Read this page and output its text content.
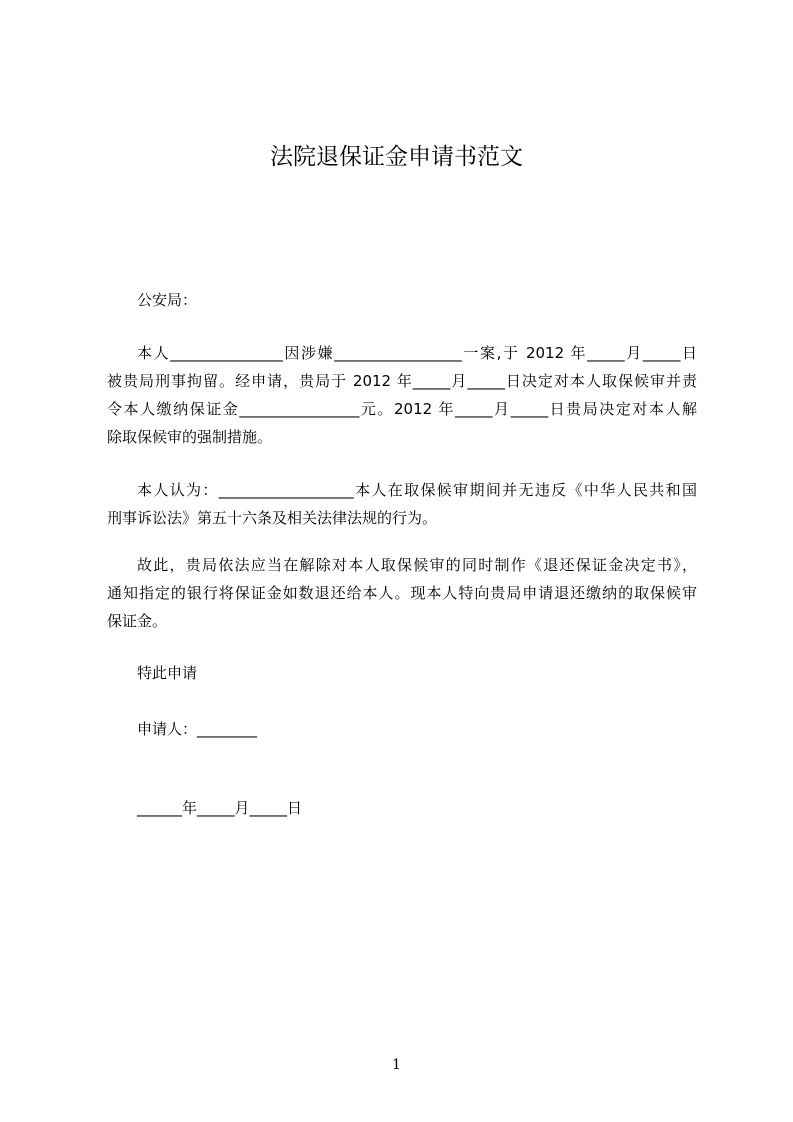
法院退保证金申请书范文
公安局：
本人_______________因涉嫌_________________一案,于 2012 年_____月_____日
被贵局刑事拘留。经申请，贵局于 2012 年_____月_____日决定对本人取保候审并责
令本人缴纳保证金________________元。2012 年_____月_____日贵局决定对本人解
除取保候审的强制措施。
本人认为：__________________本人在取保候审期间并无违反《中华人民共和国
刑事诉讼法》第五十六条及相关法律法规的行为。
故此，贵局依法应当在解除对本人取保候审的同时制作《退还保证金决定书》，
通知指定的银行将保证金如数退还给本人。现本人特向贵局申请退还缴纳的取保候审
保证金。
特此申请
申请人：________
______年_____月_____日
1
